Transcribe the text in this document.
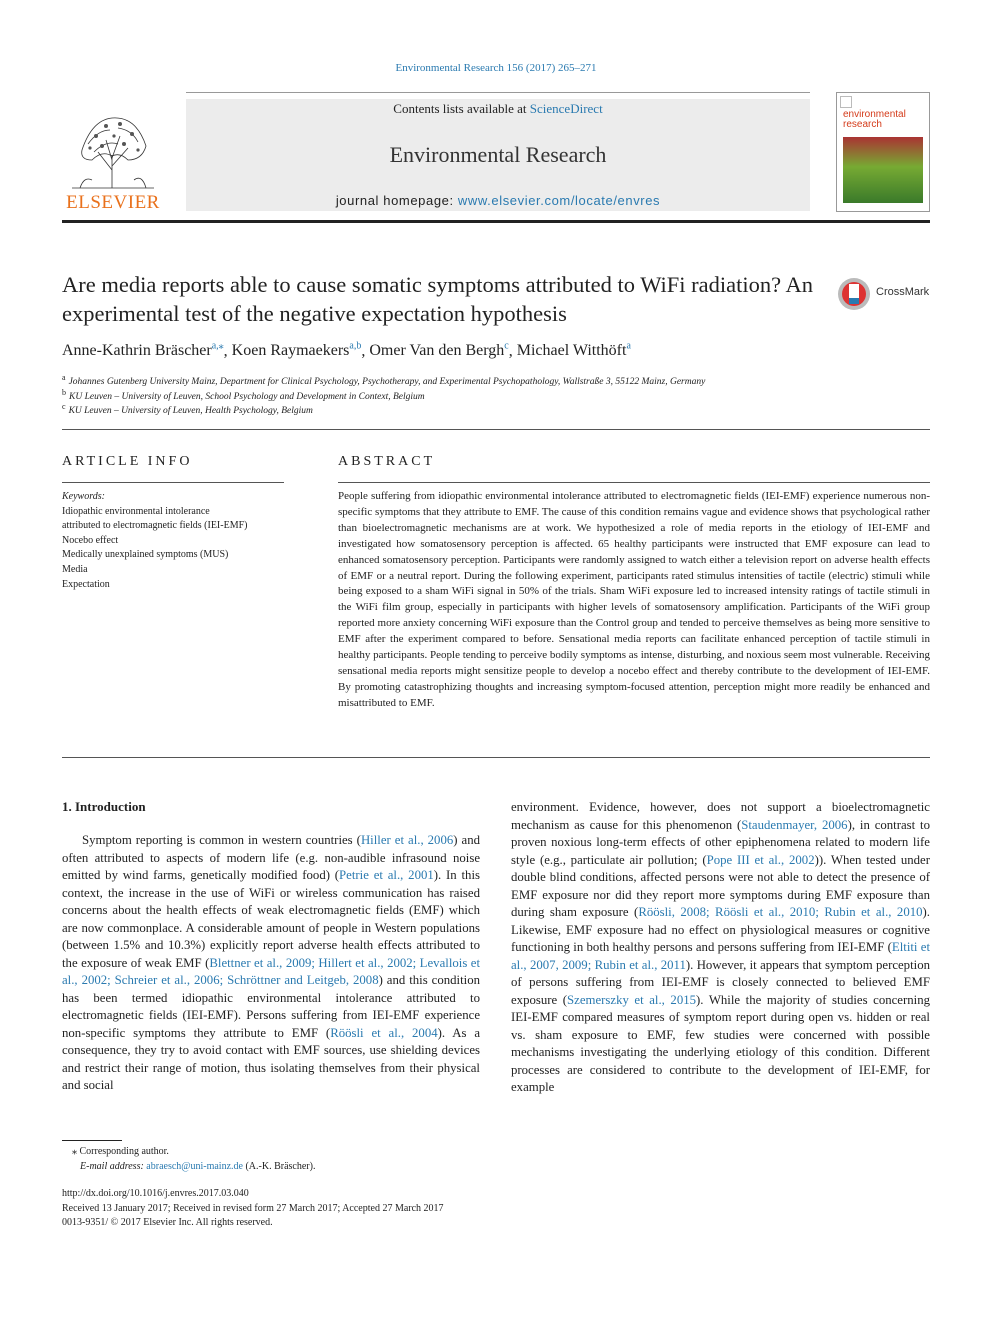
Environmental Research 156 (2017) 265–271
ELSEVIER
Contents lists available at ScienceDirect
Environmental Research
journal homepage: www.elsevier.com/locate/envres
environmental
research
Are media reports able to cause somatic symptoms attributed to WiFi radiation? An experimental test of the negative expectation hypothesis
CrossMark
Anne-Kathrin Bräscher$^{a,⁎}$, Koen Raymaekers$^{a,b}$, Omer Van den Bergh$^c$, Michael Witthöft$^a$
$^a$ Johannes Gutenberg University Mainz, Department for Clinical Psychology, Psychotherapy, and Experimental Psychopathology, Wallstraße 3, 55122 Mainz, Germany
$^b$ KU Leuven – University of Leuven, School Psychology and Development in Context, Belgium
$^c$ KU Leuven – University of Leuven, Health Psychology, Belgium
ARTICLE INFO	ABSTRACT
Keywords:
Idiopathic environmental intolerance
attributed to electromagnetic fields (IEI-EMF)
Nocebo effect
Medically unexplained symptoms (MUS)
Media
Expectation
People suffering from idiopathic environmental intolerance attributed to electromagnetic fields (IEI-EMF) experience numerous non-specific symptoms that they attribute to EMF. The cause of this condition remains vague and evidence shows that psychological rather than bioelectromagnetic mechanisms are at work. We hypothesized a role of media reports in the etiology of IEI-EMF and investigated how somatosensory perception is affected. 65 healthy participants were instructed that EMF exposure can lead to enhanced somatosensory perception. Participants were randomly assigned to watch either a television report on adverse health effects of EMF or a neutral report. During the following experiment, participants rated stimulus intensities of tactile (electric) stimuli while being exposed to a sham WiFi signal in 50% of the trials. Sham WiFi exposure led to increased intensity ratings of tactile stimuli in the WiFi film group, especially in participants with higher levels of somatosensory amplification. Participants of the WiFi group reported more anxiety concerning WiFi exposure than the Control group and tended to perceive themselves as being more sensitive to EMF after the experiment compared to before. Sensational media reports can facilitate enhanced perception of tactile stimuli in healthy participants. People tending to perceive bodily symptoms as intense, disturbing, and noxious seem most vulnerable. Receiving sensational media reports might sensitize people to develop a nocebo effect and thereby contribute to the development of IEI-EMF. By promoting catastrophizing thoughts and increasing symptom-focused attention, perception might more readily be enhanced and misattributed to EMF.
1. Introduction
Symptom reporting is common in western countries (Hiller et al., 2006) and often attributed to aspects of modern life (e.g. non-audible infrasound noise emitted by wind farms, genetically modified food) (Petrie et al., 2001). In this context, the increase in the use of WiFi or wireless communication has raised concerns about the health effects of weak electromagnetic fields (EMF) which are now commonplace. A considerable amount of people in Western populations (between 1.5% and 10.3%) explicitly report adverse health effects attributed to the exposure of weak EMF (Blettner et al., 2009; Hillert et al., 2002; Levallois et al., 2002; Schreier et al., 2006; Schröttner and Leitgeb, 2008) and this condition has been termed idiopathic environmental intolerance attributed to electromagnetic fields (IEI-EMF). Persons suffering from IEI-EMF experience non-specific symptoms they attribute to EMF (Röösli et al., 2004). As a consequence, they try to avoid contact with EMF sources, use shielding devices and restrict their range of motion, thus isolating themselves from their physical and social
environment. Evidence, however, does not support a bioelectromagnetic mechanism as cause for this phenomenon (Staudenmayer, 2006), in contrast to proven noxious long-term effects of other epiphenomena related to modern life style (e.g., particulate air pollution; (Pope III et al., 2002)). When tested under double blind conditions, affected persons were not able to detect the presence of EMF exposure nor did they report more symptoms during EMF exposure than during sham exposure (Röösli, 2008; Röösli et al., 2010; Rubin et al., 2010). Likewise, EMF exposure had no effect on physiological measures or cognitive functioning in both healthy persons and persons suffering from IEI-EMF (Eltiti et al., 2007, 2009; Rubin et al., 2011). However, it appears that symptom perception of persons suffering from IEI-EMF is closely connected to believed EMF exposure (Szemerszky et al., 2015). While the majority of studies concerning IEI-EMF compared measures of symptom report during open vs. hidden or real vs. sham exposure to EMF, few studies were concerned with possible mechanisms investigating the underlying etiology of this condition. Different processes are considered to contribute to the development of IEI-EMF, for example
⁎ Corresponding author.
E-mail address: abraesch@uni-mainz.de (A.-K. Bräscher).
http://dx.doi.org/10.1016/j.envres.2017.03.040
Received 13 January 2017; Received in revised form 27 March 2017; Accepted 27 March 2017
0013-9351/ © 2017 Elsevier Inc. All rights reserved.
